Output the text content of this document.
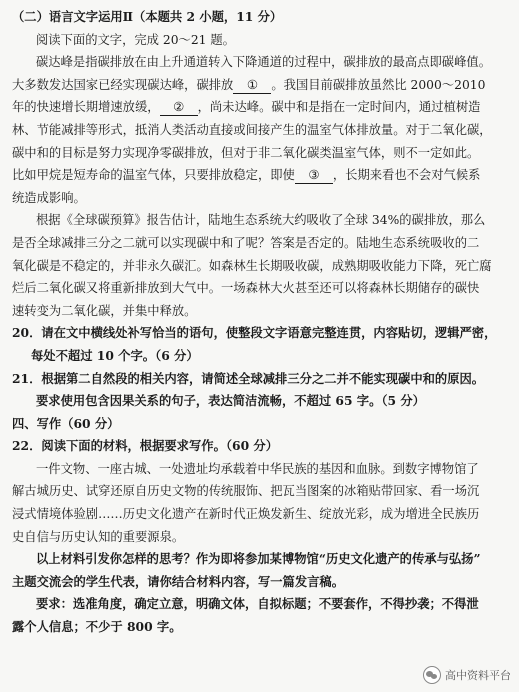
（二）语言文字运用Ⅱ（本题共 2 小题，11 分）
阅读下面的文字，完成 20～21 题。
碳达峰是指碳排放在由上升通道转入下降通道的过程中，碳排放的最高点即碳峰值。
大多数发达国家已经实现碳达峰，碳排放 ① 。我国目前碳排放虽然比 2000～2010
年的快速增长期增速放缓， ② ，尚未达峰。碳中和是指在一定时间内，通过植树造
林、节能减排等形式，抵消人类活动直接或间接产生的温室气体排放量。对于二氧化碳，
碳中和的目标是努力实现净零碳排放，但对于非二氧化碳类温室气体，则不一定如此。
比如甲烷是短寿命的温室气体，只要排放稳定，即使 ③ ，长期来看也不会对气候系
统造成影响。
根据《全球碳预算》报告估计，陆地生态系统大约吸收了全球 34%的碳排放，那么
是否全球减排三分之二就可以实现碳中和了呢？答案是否定的。陆地生态系统吸收的二
氧化碳是不稳定的，并非永久碳汇。如森林生长期吸收碳，成熟期吸收能力下降，死亡腐
烂后二氧化碳又将重新排放到大气中。一场森林大火甚至还可以将森林长期储存的碳快
速转变为二氧化碳，并集中释放。
20．请在文中横线处补写恰当的语句，使整段文字语意完整连贯，内容贴切，逻辑严密，
每处不超过 10 个字。（6 分）
21．根据第二自然段的相关内容，请简述全球减排三分之二并不能实现碳中和的原因。
要求使用包含因果关系的句子，表达简洁流畅，不超过 65 字。（5 分）
四、写作（60 分）
22．阅读下面的材料，根据要求写作。（60 分）
一件文物、一座古城、一处遗址均承载着中华民族的基因和血脉。到数字博物馆了
解古城历史、试穿还原自历史文物的传统服饰、把瓦当图案的冰箱贴带回家、看一场沉
浸式情境体验剧……历史文化遗产在新时代正焕发新生、绽放光彩，成为增进全民族历
史自信与历史认知的重要源泉。
以上材料引发你怎样的思考？作为即将参加某博物馆“历史文化遗产的传承与弘扬”
主题交流会的学生代表，请你结合材料内容，写一篇发言稿。
要求：选准角度，确定立意，明确文体，自拟标题；不要套作，不得抄袭；不得泄
露个人信息；不少于 800 字。
高中资料平台
